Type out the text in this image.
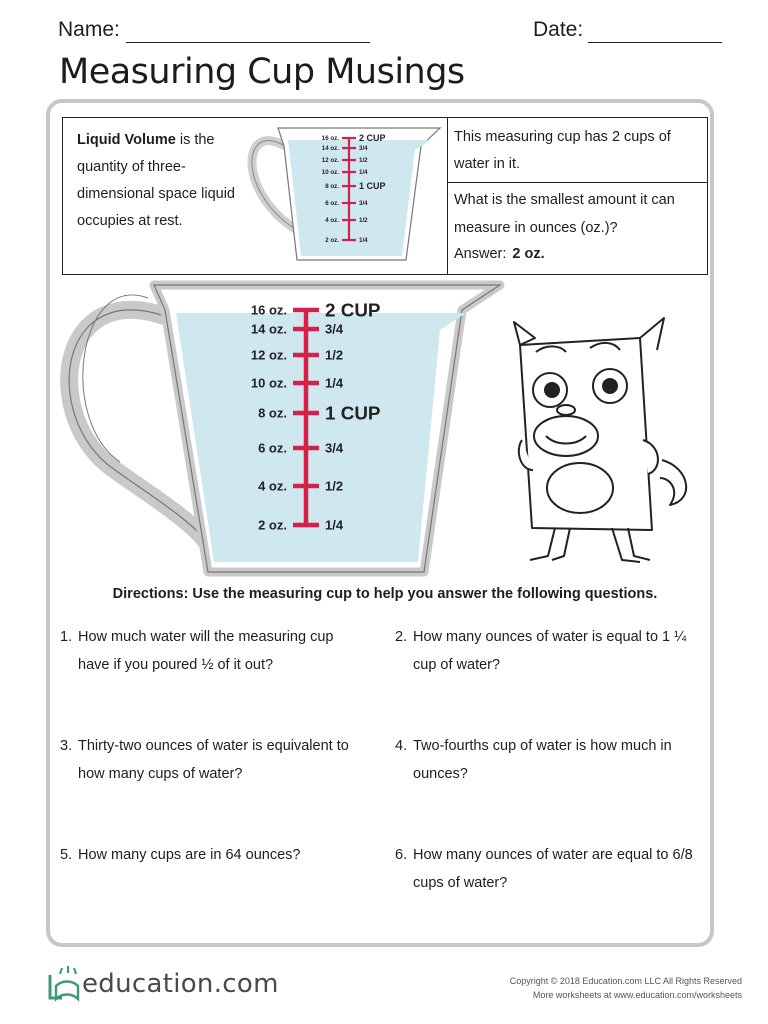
Name:	Date:
Measuring Cup Musings
Liquid Volume is the quantity of three-dimensional space liquid occupies at rest.
This measuring cup has 2 cups of water in it.
What is the smallest amount it can measure in ounces (oz.)?
Answer: 2 oz.
16 oz. 2 CUP
14 oz.	3/4
12 oz.	1/2
10 oz.	1/4
8 oz. 1 CUP
6 oz.	3/4
4 oz.	1/2
2 oz.	1/4
16 oz. 2 CUP
14 oz.	3/4
12 oz.	1/2
10 oz.	1/4
8 oz. 1 CUP
6 oz.	3/4
4 oz.	1/2
2 oz.	1/4
Directions: Use the measuring cup to help you answer the following questions.
1. How much water will the measuring cup have if you poured ½ of it out?
2. How many ounces of water is equal to 1 ¼ cup of water?
3. Thirty-two ounces of water is equivalent to how many cups of water?
4. Two-fourths cup of water is how much in ounces?
5. How many cups are in 64 ounces?	6. How many ounces of water are equal to 6/8 cups of water?
education.com	Copyright © 2018 Education.com LLC All Rights Reserved
More worksheets at www.education.com/worksheets
